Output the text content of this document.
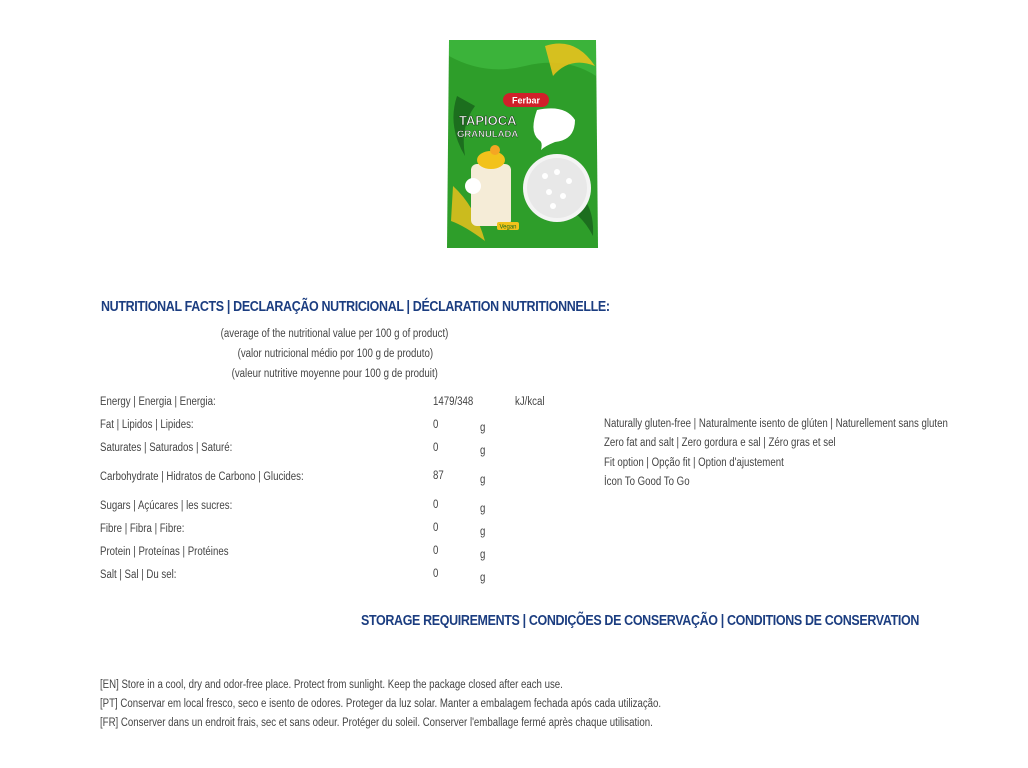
Ferbar
TAPIOCA
GRANULADA
Vegan
NUTRITIONAL FACTS | DECLARAÇÃO NUTRICIONAL | DÉCLARATION NUTRITIONNELLE:
(average of the nutritional value per 100 g of product)
(valor nutricional médio por 100 g de produto)
(valeur nutritive moyenne pour 100 g de produit)
Energy | Energia | Energia:	1479/348	kJ/kcal
Fat | Lipidos | Lipides:	0	g
Saturates | Saturados | Saturé:	0	g
Carbohydrate | Hidratos de Carbono | Glucides:	87	g
Sugars | Açúcares | les sucres:	0	g
Fibre | Fibra | Fibre:	0	g
Protein | Proteínas | Protéines	0	g
Salt | Sal | Du sel:	0	g
Naturally gluten-free | Naturalmente isento de glúten | Naturellement sans gluten
Zero fat and salt | Zero gordura e sal | Zéro gras et sel
Fit option | Opção fit | Option d'ajustement
Ícon To Good To Go
STORAGE REQUIREMENTS | CONDIÇÕES DE CONSERVAÇÃO | CONDITIONS DE CONSERVATION
[EN] Store in a cool, dry and odor-free place. Protect from sunlight. Keep the package closed after each use.
[PT] Conservar em local fresco, seco e isento de odores. Proteger da luz solar. Manter a embalagem fechada após cada utilização.
[FR] Conserver dans un endroit frais, sec et sans odeur. Protéger du soleil. Conserver l'emballage fermé après chaque utilisation.
